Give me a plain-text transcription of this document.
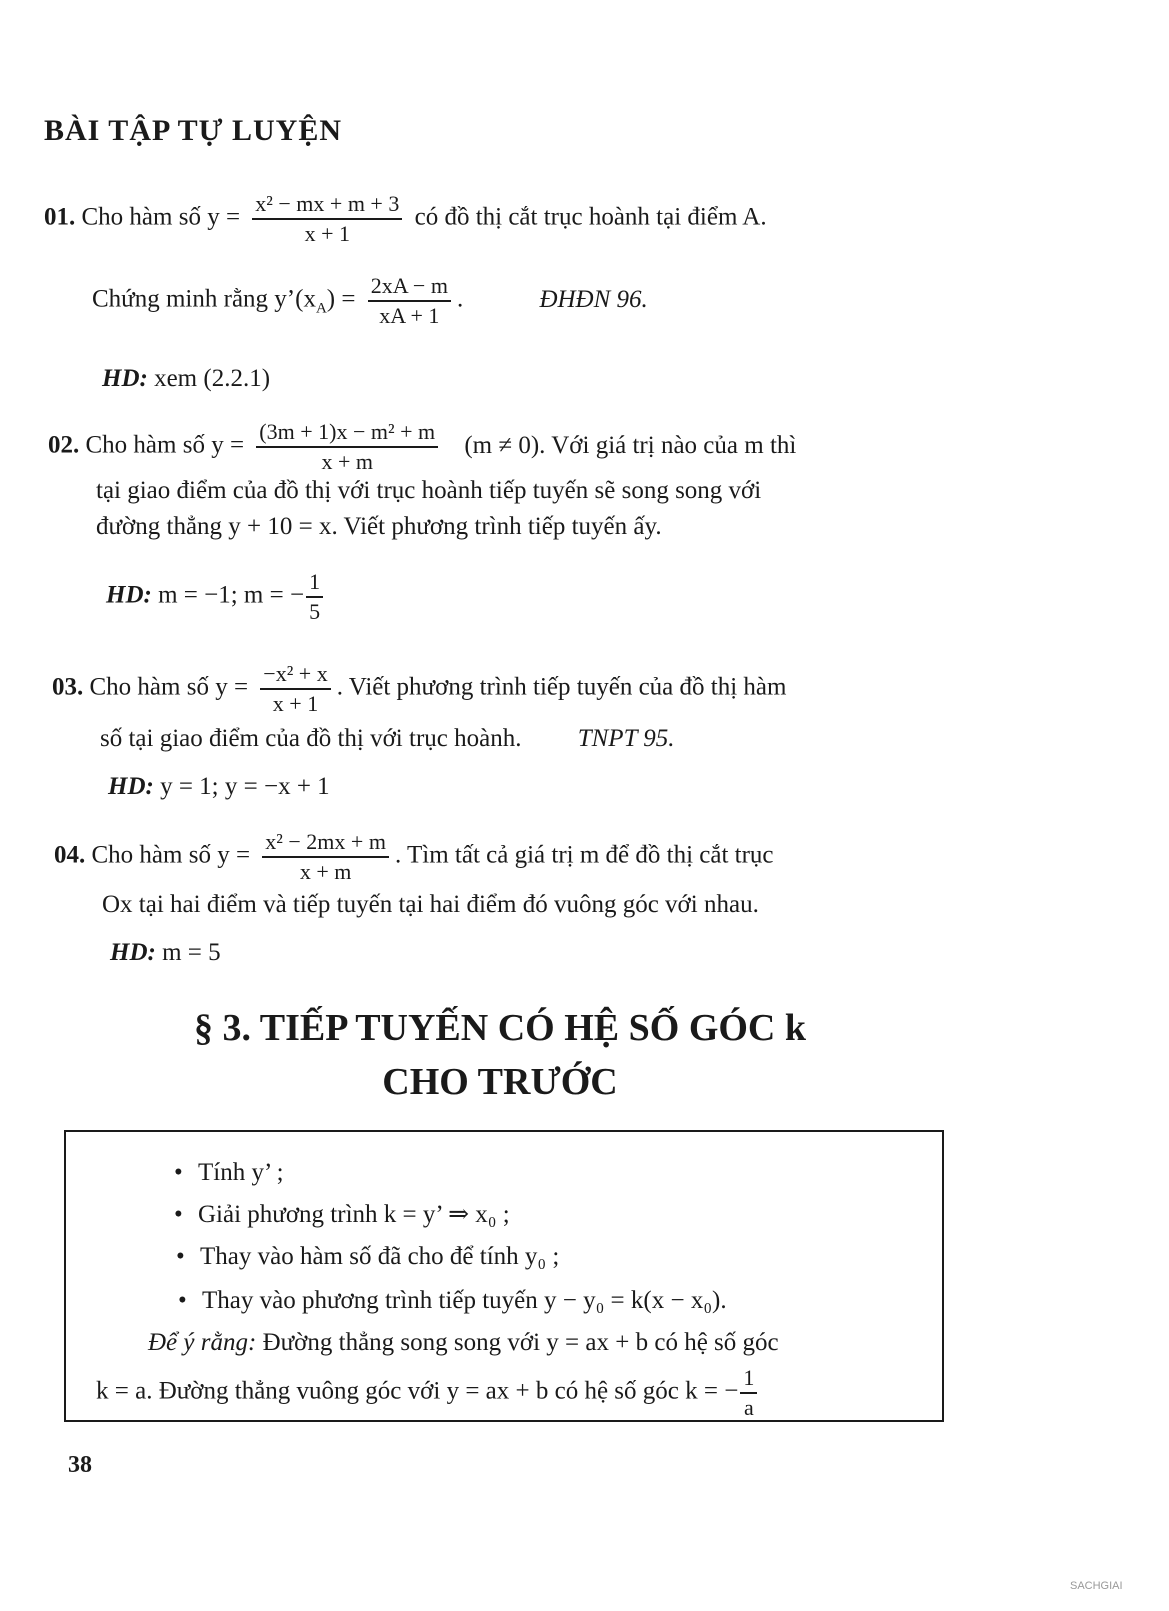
BÀI TẬP TỰ LUYỆN
01. Cho hàm số $y = \frac{\text{x² − mx + m + 3}}{x + 1}$ có đồ thị cắt trục hoành tại điểm A.
Chứng minh rằng $y’(x_A) = \frac{2xA - m}{xA + 1}$ .	ĐHĐN 96.
HD: xem (2.2.1)
02. Cho hàm số $y = \frac{\text{(3m + 1)x − m² + m}}{x + m} (m \ne 0)$. Với giá trị nào của m thì
tại giao điểm của đồ thị với trục hoành tiếp tuyến sẽ song song với
đường thẳng y + 10 = x. Viết phương trình tiếp tuyến ấy.
HD: m = −1; m = − $\frac{1}{5}$
03. Cho hàm số $y = \frac{\text{−x² + x}}{x + 1}$ . Viết phương trình tiếp tuyến của đồ thị hàm
số tại giao điểm của đồ thị với trục hoành. TNPT 95.
HD: y = 1; y = −x + 1
04. Cho hàm số $y = \frac{\text{x² − 2mx + m}}{x + m}$ . Tìm tất cả giá trị m để đồ thị cắt trục
Ox tại hai điểm và tiếp tuyến tại hai điểm đó vuông góc với nhau.
HD: m = 5
§ 3. TIẾP TUYẾN CÓ HỆ SỐ GÓC k
CHO TRƯỚC
• Tính y’ ;
• Giải phương trình k = y’ ⇒ x₀ ;
• Thay vào hàm số đã cho để tính y₀ ;
• Thay vào phương trình tiếp tuyến y − y₀ = k(x − x₀).
Để ý rằng: Đường thẳng song song với y = ax + b có hệ số góc
k = a. Đường thẳng vuông góc với y = ax + b có hệ số góc k = − $\frac{1}{a}$
38
SACHGIAI
